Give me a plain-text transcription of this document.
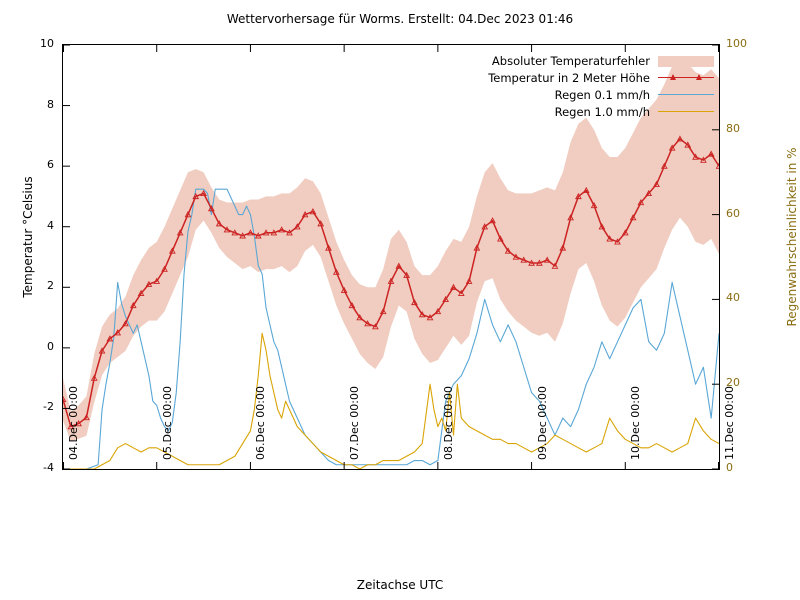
Wettervorhersage für Worms. Erstellt: 04.Dec 2023 01:46
-4
-2
0
2
4
6
8
10
0
20
40
60
80
100
04.Dec 00:00	05.Dec 00:00	06.Dec 00:00	07.Dec 00:00	08.Dec 00:00	09.Dec 00:00	10.Dec 00:00	11.Dec 00:00
Temperatur °Celsius	Regenwahrscheinlichkeit in %
Zeitachse UTC
Absoluter Temperaturfehler
Temperatur in 2 Meter Höhe
Regen 0.1 mm/h
Regen 1.0 mm/h
